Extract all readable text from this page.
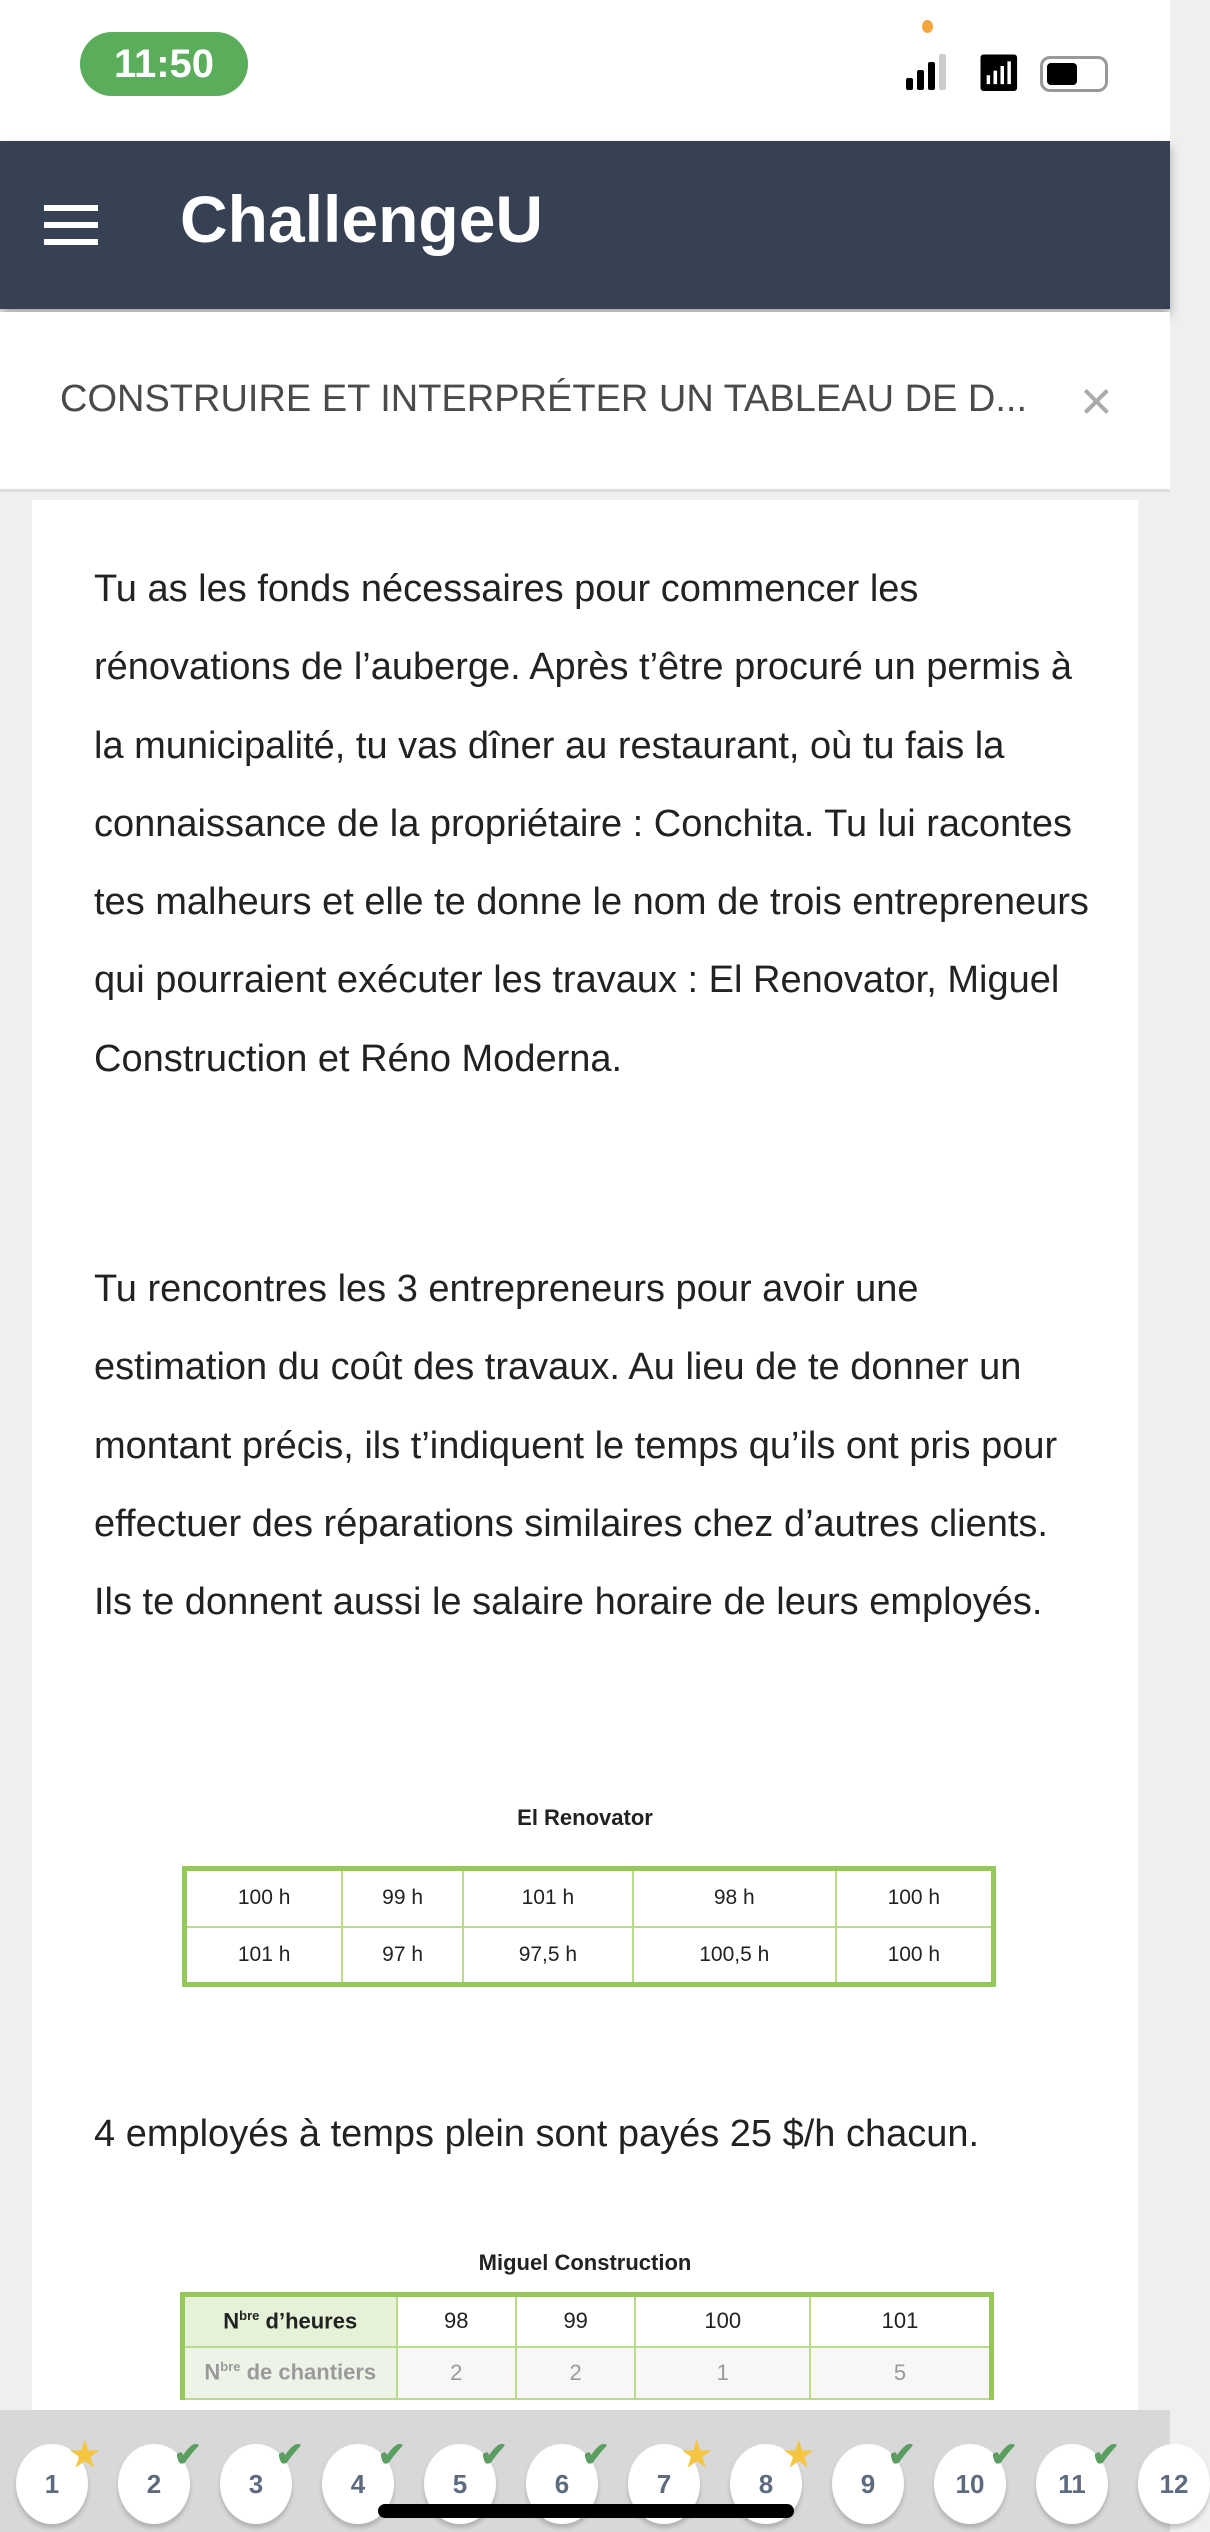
11:50	📶︎
ChallengeU
CONSTRUIRE ET INTERPRÉTER UN TABLEAU DE D... ×

Tu as les fonds nécessaires pour commencer les rénovations de l’auberge. Après t’être procuré un permis à la municipalité, tu vas dîner au restaurant, où tu fais la connaissance de la propriétaire : Conchita. Tu lui racontes tes malheurs et elle te donne le nom de trois entrepreneurs qui pourraient exécuter les travaux : El Renovator, Miguel Construction et Réno Moderna.

Tu rencontres les 3 entrepreneurs pour avoir une estimation du coût des travaux. Au lieu de te donner un montant précis, ils t’indiquent le temps qu’ils ont pris pour effectuer des réparations similaires chez d’autres clients. Ils te donnent aussi le salaire horaire de leurs employés.

El Renovator
100 h	99 h	101 h	98 h	100 h
101 h	97 h	97,5 h	100,5 h	100 h

4 employés à temps plein sont payés 25 $/h chacun.

Miguel Construction
$N^{bre}$ d’heures	98	99	100	101
$N^{bre}$ de chantiers	2	2	1	5
1
★
2
✔
3
✔
4
✔
5
✔
6
✔
7
★
8
★
9
✔
10
✔
11
✔
12
